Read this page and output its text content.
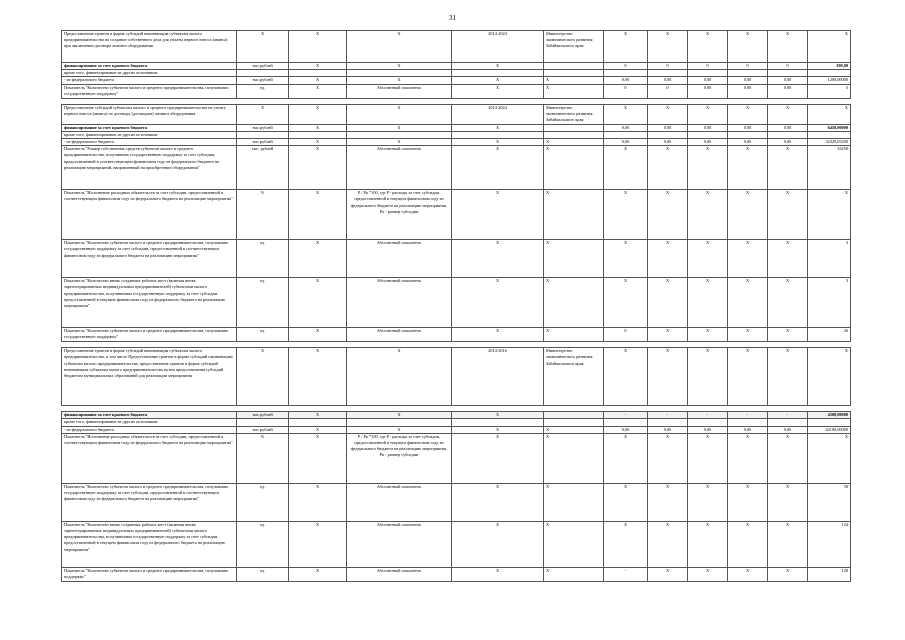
31
Предоставление грантов в форме субсидий начинающим субъектам малого предпринимательства на создание собственного дела для уплаты первого взноса (аванса) при заключении договора лизинга оборудования	X	X	X	2014-2024	Министерство экономического развития Забайкальского края	X	X	X	X	X	X
финансирование за счет краевого бюджета	тыс.рублей	X	X	X		0	0	0	0	0	300,00
кроме того, финансирование из других источников:											
- из федерального бюджета	тыс.рублей	X	X	X	X	0,00	0,00	0,00	0,00	0,00	1200,00000
Показатель "Количество субъектов малого и среднего предпринимательства, получивших государственную поддержку"	ед.	X	Абсолютный показатель	X	X	0	0	0,00	0,00	0,00	5

Предоставление субсидий субъектам малого и среднего предпринимательства на уплату первого взноса (аванса) по договору (договорам) лизинга оборудования	X	X	X	2014-2024	Министерство экономического развития Забайкальского края	X	X	X	X	X	X
финансирование за счет краевого бюджета	тыс.рублей	X	X	X		0,00	0,00	0,00	0,00	0,00	6450,00000
кроме того, финансирование из других источников:											
- из федерального бюджета	тыс.рублей	X	X	X	X	0,00	0,00	0,00	0,00	0,00	32329,05200
Показатель "Размер собственных средств субъектов малого и среднего предпринимательства, получивших государственную поддержку за счет субсидии, предоставленной в соответствующем финансовом году из федерального бюджета на реализацию мероприятий, направленный на приобретение оборудования"	тыс. рублей	X	Абсолютный показатель	X	X	X	X	X	X	X	33250
Показатель "Исполнение расходных обязательств за счет субсидии, предоставленной в соответствующем финансовом году из федерального бюджета на реализацию мероприятия"	%	X	P / Pк *100, где P - расходы за счет субсидии, предоставленной в текущем финансовом году из федерального бюджета на реализацию мероприятия, Pк - размер субсидии	X	X	X	X	X	X	X	X
Показатель "Количество субъектов малого и среднего предпринимательства, получивших государственную поддержку за счет субсидии, предоставленной в соответствующем финансовом году из федерального бюджета на реализацию мероприятия"	ед.	X	Абсолютный показатель	X	X	X	X	X	X	X	3
Показатель "Количество вновь созданных рабочих мест (включая вновь зарегистрированных индивидуальных предпринимателей) субъектами малого предпринимательства, получившими государственную поддержку за счет субсидии, предоставленной в текущем финансовом году из федерального бюджета на реализацию мероприятия"	ед.	X	Абсолютный показатель	X	X	X	X	X	X	X	3
Показатель "Количество субъектов малого и среднего предпринимательства, получивших государственную поддержку"	ед.	X	Абсолютный показатель	X	X	0	X	X	X	X	26

Предоставление грантов в форме субсидий начинающим субъектам малого предпринимательства, в том числе Предоставление грантов в форме субсидий начинающим субъектам малого предпринимательства, предоставление грантов в форме субсидий начинающим субъектам малого предпринимательства путем предоставления субсидий бюджетам муниципальных образований для реализации мероприятия	X	X	X	2014-2016	Министерство экономического развития Забайкальского края	X	X	X	X	X	X

финансирование за счет краевого бюджета	тыс.рублей	X	X	X		-	-	-	-	-	4500,00000
кроме того, финансирование из других источников:											
- из федерального бюджета	тыс.рублей	X	X	X	X	0,00	0,00	0,00	0,00	0,00	42100,00000
Показатель "Исполнение расходных обязательств за счет субсидии, предоставленной в соответствующем финансовом году из федерального бюджета на реализацию мероприятия"	%	X	P / Pк *100, где P - расходы за счет субсидии, предоставленной в текущем финансовом году из федерального бюджета на реализацию мероприятия, Pк - размер субсидии	X	X	X	X	X	X	X	X
Показатель "Количество субъектов малого и среднего предпринимательства, получивших государственную поддержку за счет субсидии, предоставленной в соответствующем финансовом году из федерального бюджета на реализацию мероприятия"	ед.	X	Абсолютный показатель	X	X	X	X	X	X	X	58
Показатель "Количество вновь созданных рабочих мест (включая вновь зарегистрированных индивидуальных предпринимателей) субъектами малого предпринимательства, получившими государственную поддержку за счет субсидии, предоставленной в текущем финансовом году из федерального бюджета на реализацию мероприятия"	ед.	X	Абсолютный показатель	X	X	X	X	X	X	X	124
Показатель "Количество субъектов малого и среднего предпринимательства, получивших поддержку"	ед.	X	Абсолютный показатель	X	X	-	X	X	X	X	128
